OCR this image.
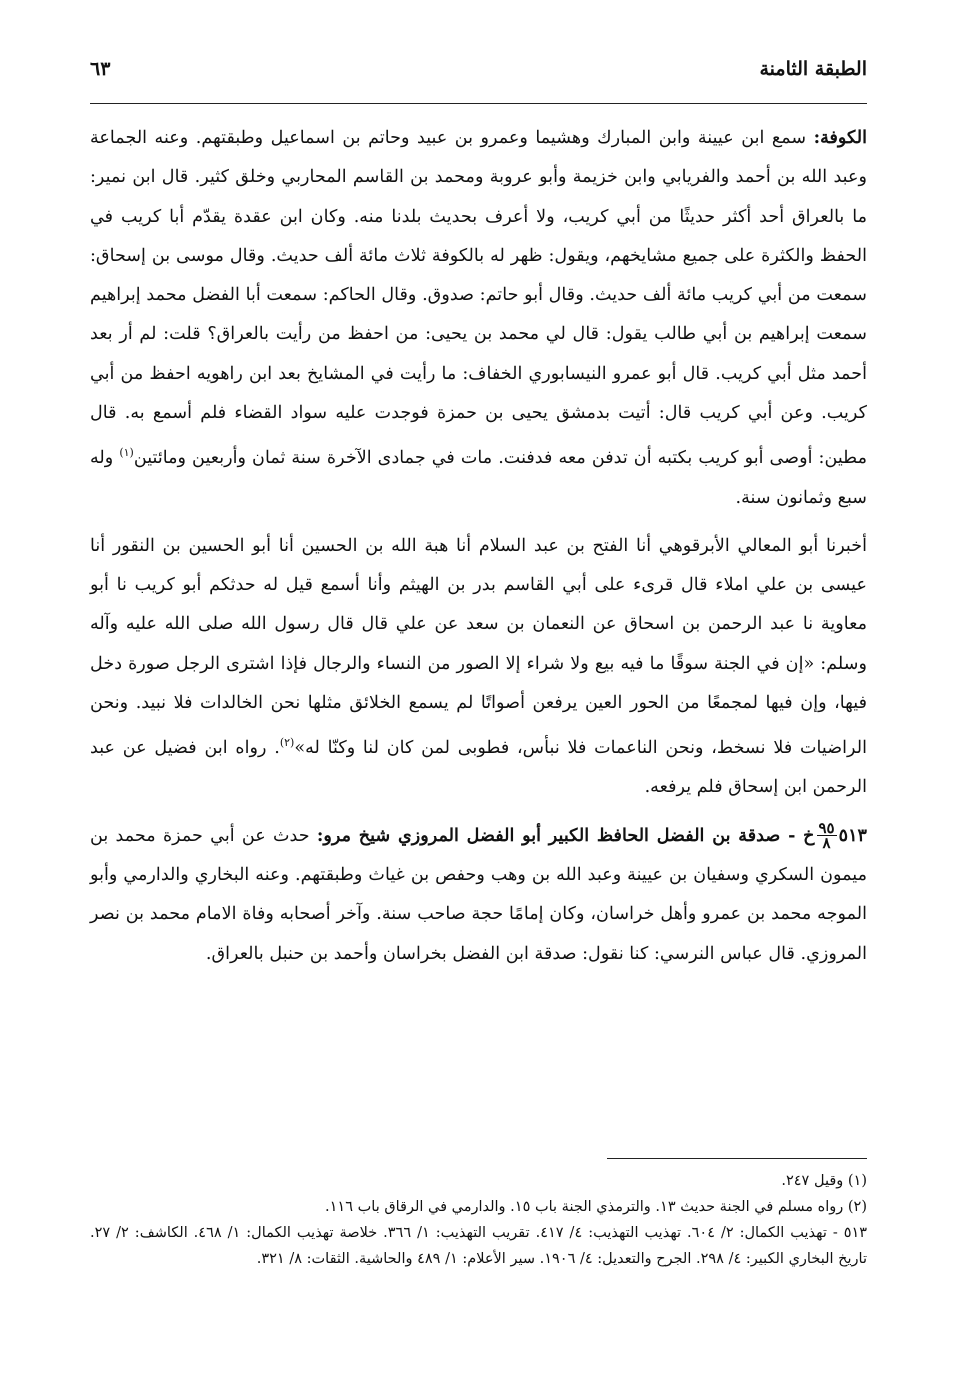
الطبقة الثامنة
٦٣

الكوفة: سمع ابن عيينة وابن المبارك وهشيما وعمرو بن عبيد وحاتم بن اسماعيل وطبقتهم. وعنه الجماعة وعبد الله بن أحمد والفريابي وابن خزيمة وأبو عروبة ومحمد بن القاسم المحاربي وخلق كثير. قال ابن نمير: ما بالعراق أحد أكثر حديثًا من أبي كريب، ولا أعرف بحديث بلدنا منه. وكان ابن عقدة يقدّم أبا كريب في الحفظ والكثرة على جميع مشايخهم، ويقول: ظهر له بالكوفة ثلاث مائة ألف حديث. وقال موسى بن إسحاق: سمعت من أبي كريب مائة ألف حديث. وقال أبو حاتم: صدوق. وقال الحاكم: سمعت أبا الفضل محمد إبراهيم سمعت إبراهيم بن أبي طالب يقول: قال لي محمد بن يحيى: من احفظ من رأيت بالعراق؟ قلت: لم أر بعد أحمد مثل أبي كريب. قال أبو عمرو النيسابوري الخفاف: ما رأيت في المشايخ بعد ابن راهويه احفظ من أبي كريب. وعن أبي كريب قال: أتيت بدمشق يحيى بن حمزة فوجدت عليه سواد القضاء فلم أسمع به. قال مطين: أوصى أبو كريب بكتبه أن تدفن معه فدفنت. مات في جمادى الآخرة سنة ثمان وأربعين ومائتين$^{(١)}$ وله سبع وثمانون سنة.

أخبرنا أبو المعالي الأبرقوهي أنا الفتح بن عبد السلام أنا هبة الله بن الحسين أنا أبو الحسين بن النقور أنا عيسى بن علي املاء قال قرىء على أبي القاسم بدر بن الهيثم وأنا أسمع قيل له حدثكم أبو كريب نا أبو معاوية نا عبد الرحمن بن اسحاق عن النعمان بن سعد عن علي قال قال رسول الله صلى الله عليه وآله وسلم: «إن في الجنة سوقًا ما فيه بيع ولا شراء إلا الصور من النساء والرجال فإذا اشترى الرجل صورة دخل فيها، وإن فيها لمجمعًا من الحور العين يرفعن أصواتًا لم يسمع الخلائق مثلها نحن الخالدات فلا نبيد. ونحن الراضيات فلا نسخط، ونحن الناعمات فلا نبأس، فطوبى لمن كان لنا وكنّا له»$^{(٢)}$. رواه ابن فضيل عن عبد الرحمن ابن إسحاق فلم يرفعه.

٥١٣
$\frac{٩٥}{٨}$
خ - صدقة بن الفضل الحافظ الكبير أبو الفضل المروزي شيخ مرو: حدث عن أبي حمزة محمد بن ميمون السكري وسفيان بن عيينة وعبد الله بن وهب وحفص بن غياث وطبقتهم. وعنه البخاري والدارمي وأبو الموجه محمد بن عمرو وأهل خراسان، وكان إمامًا حجة صاحب سنة. وآخر أصحابه وفاة الامام محمد بن نصر المروزي. قال عباس النرسي: كنا نقول: صدقة ابن الفضل بخراسان وأحمد بن حنبل بالعراق.

(١) وقيل ٢٤٧.

(٢) رواه مسلم في الجنة حديث ١٣. والترمذي الجنة باب ١٥. والدارمي في الرقاق باب ١١٦.

٥١٣ - تهذيب الكمال: ٢/ ٦٠٤. تهذيب التهذيب: ٤/ ٤١٧. تقريب التهذيب: ١/ ٣٦٦. خلاصة تهذيب الكمال: ١/ ٤٦٨. الكاشف: ٢/ ٢٧. تاريخ البخاري الكبير: ٤/ ٢٩٨. الجرح والتعديل: ٤/ ١٩٠٦. سير الأعلام: ١/ ٤٨٩ والحاشية. الثقات: ٨/ ٣٢١.
